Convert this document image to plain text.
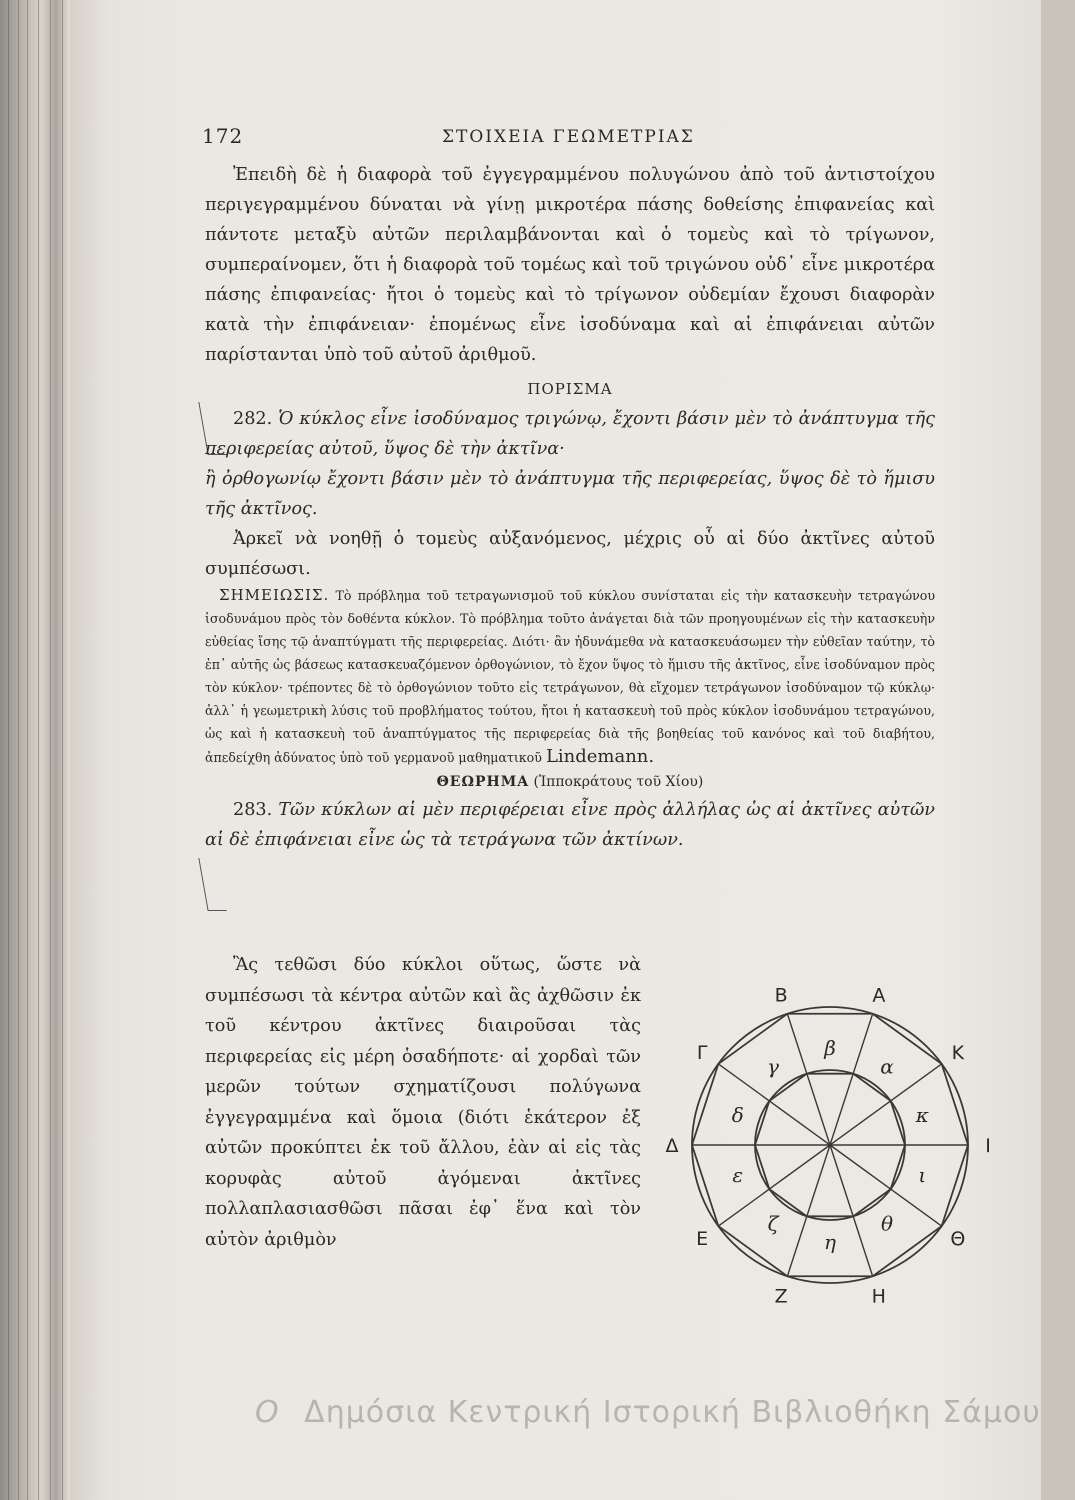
172	ΣΤΟΙΧΕΙΑ ΓΕΩΜΕΤΡΙΑΣ

Ἐπειδὴ δὲ ἡ διαφορὰ τοῦ ἐγγεγραμμένου πολυγώνου ἀπὸ τοῦ ἀντιστοίχου περιγεγραμμένου δύναται νὰ γίνῃ μικροτέρα πάσης δοθείσης ἐπιφανείας καὶ πάντοτε μεταξὺ αὐτῶν περιλαμβάνονται καὶ ὁ τομεὺς καὶ τὸ τρίγωνον, συμπεραίνομεν, ὅτι ἡ διαφορὰ τοῦ τομέως καὶ τοῦ τριγώνου οὐδ᾽ εἶνε μικροτέρα πάσης ἐπιφανείας· ἤτοι ὁ τομεὺς καὶ τὸ τρίγωνον οὐδεμίαν ἔχουσι διαφορὰν κατὰ τὴν ἐπιφάνειαν· ἑπομένως εἶνε ἰσοδύναμα καὶ αἱ ἐπιφάνειαι αὐτῶν παρίστανται ὑπὸ τοῦ αὐτοῦ ἀριθμοῦ.

ΠΟΡΙΣΜΑ

282. Ὁ κύκλος εἶνε ἰσοδύναμος τριγώνῳ, ἔχοντι βάσιν μὲν τὸ ἀνάπτυγμα τῆς περιφερείας αὐτοῦ, ὕψος δὲ τὴν ἀκτῖνα·

ἢ ὀρθογωνίῳ ἔχοντι βάσιν μὲν τὸ ἀνάπτυγμα τῆς περιφερείας, ὕψος δὲ τὸ ἥμισυ τῆς ἀκτῖνος.

Ἀρκεῖ νὰ νοηθῇ ὁ τομεὺς αὐξανόμενος, μέχρις οὗ αἱ δύο ἀκτῖνες αὐτοῦ συμπέσωσι.

ΣΗΜΕΙΩΣΙΣ. Τὸ πρόβλημα τοῦ τετραγωνισμοῦ τοῦ κύκλου συνίσταται εἰς τὴν κατασκευὴν τετραγώνου ἰσοδυνάμου πρὸς τὸν δοθέντα κύκλον. Τὸ πρόβλημα τοῦτο ἀνάγεται διὰ τῶν προηγουμένων εἰς τὴν κατασκευὴν εὐθείας ἴσης τῷ ἀναπτύγματι τῆς περιφερείας. Διότι· ἂν ἠδυνάμεθα νὰ κατασκευάσωμεν τὴν εὐθεῖαν ταύτην, τὸ ἐπ᾽ αὐτῆς ὡς βάσεως κατασκευαζόμενον ὀρθογώνιον, τὸ ἔχον ὕψος τὸ ἥμισυ τῆς ἀκτῖνος, εἶνε ἰσοδύναμον πρὸς τὸν κύκλον· τρέποντες δὲ τὸ ὀρθογώνιον τοῦτο εἰς τετράγωνον, θὰ εἴχομεν τετράγωνον ἰσοδύναμον τῷ κύκλῳ· ἀλλ᾽ ἡ γεωμετρικὴ λύσις τοῦ προβλήματος τούτου, ἤτοι ἡ κατασκευὴ τοῦ πρὸς κύκλον ἰσοδυνάμου τετραγώνου, ὡς καὶ ἡ κατασκευὴ τοῦ ἀναπτύγματος τῆς περιφερείας διὰ τῆς βοηθείας τοῦ κανόνος καὶ τοῦ διαβήτου, ἀπεδείχθη ἀδύνατος ὑπὸ τοῦ γερμανοῦ μαθηματικοῦ Lindemann.

ΘΕΩΡΗΜΑ (Ἱπποκράτους τοῦ Χίου)

283. Τῶν κύκλων αἱ μὲν περιφέρειαι εἶνε πρὸς ἀλλήλας ὡς αἱ ἀκτῖνες αὐτῶν αἱ δὲ ἐπιφάνειαι εἶνε ὡς τὰ τετράγωνα τῶν ἀκτίνων.

Ἂς τεθῶσι δύο κύκλοι οὕτως, ὥστε νὰ συμπέσωσι τὰ κέντρα αὐτῶν καὶ ἂς ἀχθῶσιν ἐκ τοῦ κέντρου ἀκτῖνες διαιροῦσαι τὰς περιφερείας εἰς μέρη ὁσαδήποτε· αἱ χορδαὶ τῶν μερῶν τούτων σχηματίζουσι πολύγωνα ἐγγεγραμμένα καὶ ὅμοια (διότι ἑκάτερον ἐξ αὐτῶν προκύπτει ἐκ τοῦ ἄλλου, ἐὰν αἱ εἰς τὰς κορυφὰς αὐτοῦ ἀγόμεναι ἀκτῖνες πολλαπλασιασθῶσι πᾶσαι ἐφ᾽ ἕνα καὶ τὸν αὐτὸν ἀριθμὸν

Β
β
Α
α
Κ
κ
Ι
ι
Θ
θ
Η
η
Ζ
ζ
Ε
ε
Δ
δ
Γ
γ
O Δημόσια Κεντρική Ιστορική Βιβλιοθήκη Σάμου
